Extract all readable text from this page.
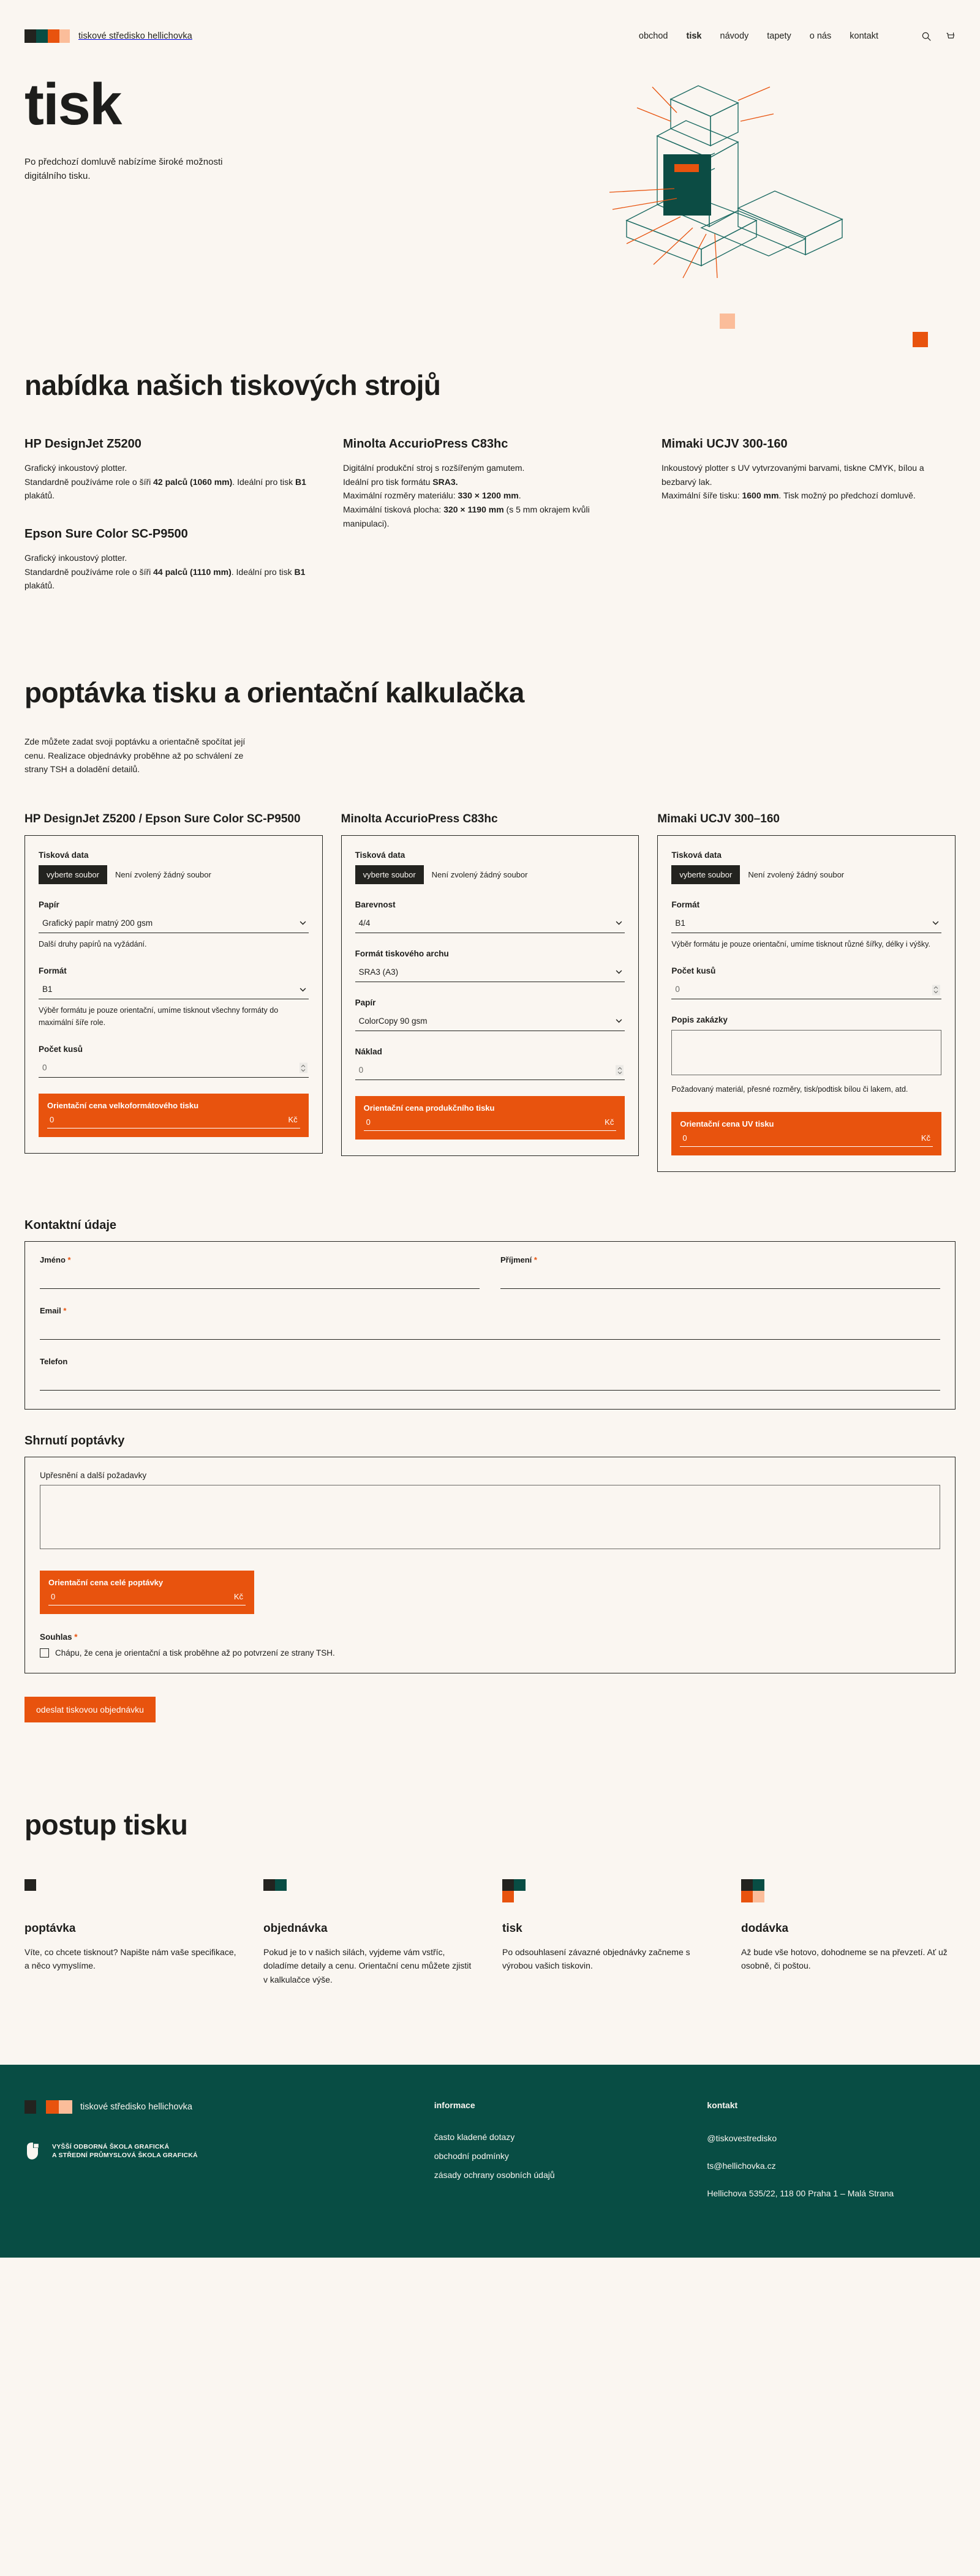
tiskové středisko hellichovka	obchod tisk návody tapety o nás kontakt
tisk

Po předchozí domluvě nabízíme široké možnosti digitálního tisku.

nabídka našich tiskových strojů
HP DesignJet Z5200

Grafický inkoustový plotter.
Standardně používáme role o šíři 42 palců (1060 mm). Ideální pro tisk B1 plakátů.

Epson Sure Color SC-P9500

Grafický inkoustový plotter.
Standardně používáme role o šíři 44 palců (1110 mm). Ideální pro tisk B1 plakátů.

Minolta AccurioPress C83hc

Digitální produkční stroj s rozšířeným gamutem.
Ideální pro tisk formátu SRA3.
Maximální rozměry materiálu: 330 × 1200 mm.
Maximální tisková plocha: 320 × 1190 mm (s 5 mm okrajem kvůli manipulaci).

Mimaki UCJV 300-160

Inkoustový plotter s UV vytvrzovanými barvami, tiskne CMYK, bílou a bezbarvý lak.
Maximální šíře tisku: 1600 mm. Tisk možný po předchozí domluvě.

poptávka tisku a orientační kalkulačka

Zde můžete zadat svoji poptávku a orientačně spočítat její cenu. Realizace objednávky proběhne až po schválení ze strany TSH a doladění detailů.

HP DesignJet Z5200 / Epson Sure Color SC-P9500
Tisková data
vyberte soubor	Není zvolený žádný soubor
Papír
Grafický papír matný 200 gsm

Další druhy papírů na vyžádání.

Formát
B1

Výběr formátu je pouze orientační, umíme tisknout všechny formáty do maximální šíře role.

Počet kusů
0
Orientační cena velkoformátového tisku
0	Kč
Minolta AccurioPress C83hc
Tisková data
vyberte soubor	Není zvolený žádný soubor
Barevnost
4/4
Formát tiskového archu
SRA3 (A3)
Papír
ColorCopy 90 gsm
Náklad
0
Orientační cena produkčního tisku
0	Kč
Mimaki UCJV 300–160
Tisková data
vyberte soubor	Není zvolený žádný soubor
Formát
B1

Výběr formátu je pouze orientační, umíme tisknout různé šířky, délky i výšky.

Počet kusů
0
Popis zakázky

Požadovaný materiál, přesné rozměry, tisk/podtisk bílou či lakem, atd.

Orientační cena UV tisku
0	Kč
Kontaktní údaje
Jméno *	Příjmení *
Email *
Telefon
Shrnutí poptávky
Upřesnění a další požadavky
Orientační cena celé poptávky
0	Kč
Souhlas *
Chápu, že cena je orientační a tisk proběhne až po potvrzení ze strany TSH.
odeslat tiskovou objednávku
postup tisku
poptávka

Víte, co chcete tisknout? Napište nám vaše specifikace, a něco vymyslíme.

objednávka

Pokud je to v našich silách, vyjdeme vám vstříc, doladíme detaily a cenu. Orientační cenu můžete zjistit v kalkulačce výše.

tisk

Po odsouhlasení závazné objednávky začneme s výrobou vašich tiskovin.

dodávka

Až bude vše hotovo, dohodneme se na převzetí. Ať už osobně, či poštou.

tiskové středisko hellichovka
VYŠŠÍ ODBORNÁ ŠKOLA GRAFICKÁ
A STŘEDNÍ PRŮMYSLOVÁ ŠKOLA GRAFICKÁ
informace
často kladené dotazy
obchodní podmínky
zásady ochrany osobních údajů
kontakt

@tiskovestredisko

ts@hellichovka.cz

Hellichova 535/22, 118 00 Praha 1 – Malá Strana
